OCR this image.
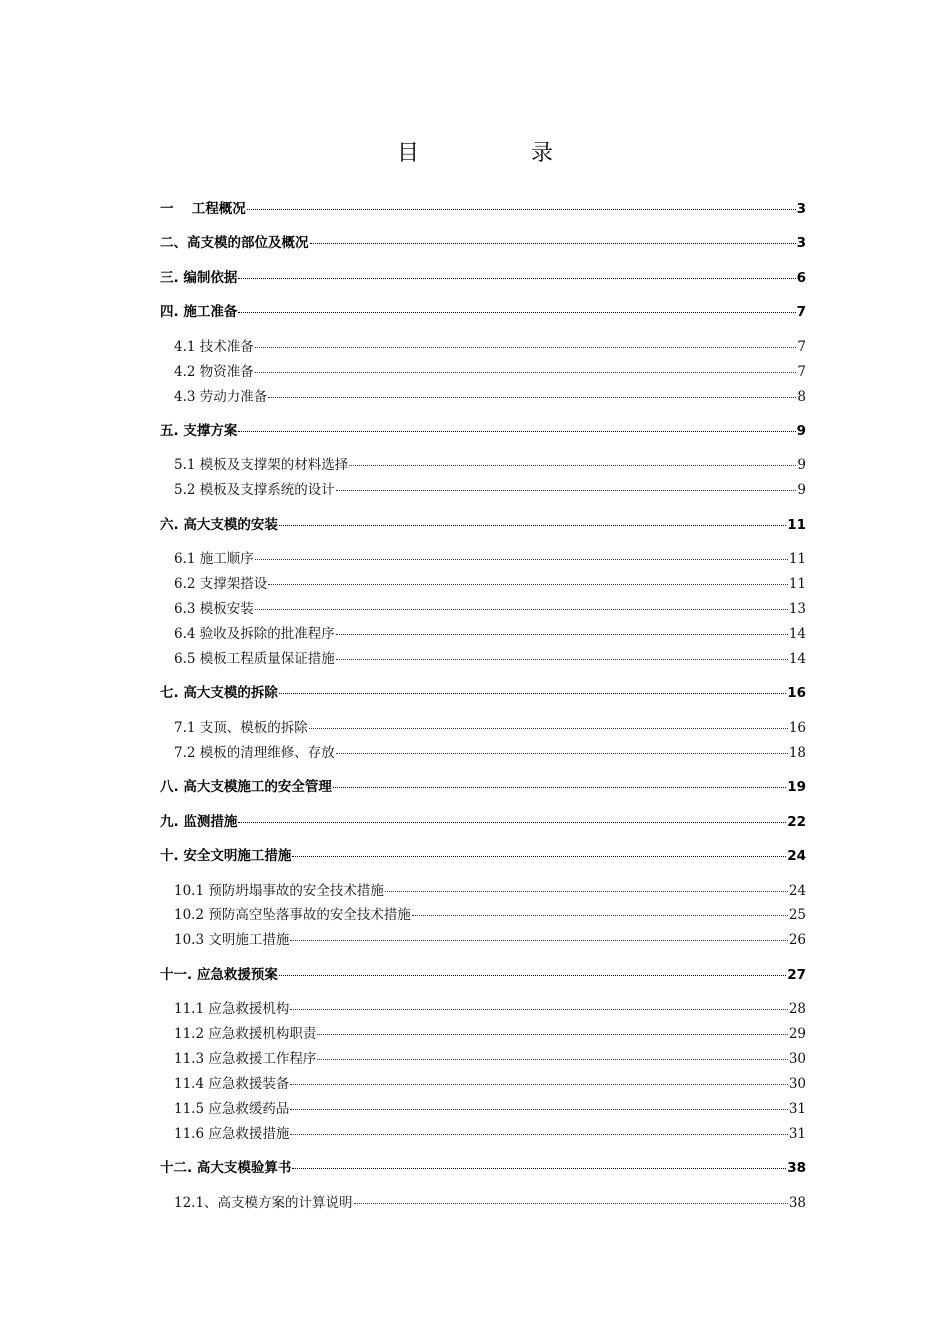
目	录
一　 工程概况	3
二、高支模的部位及概况	3
三. 编制依据	6
四. 施工准备	7
4.1 技术准备	7
4.2 物资准备	7
4.3 劳动力准备	8
五. 支撑方案	9
5.1 模板及支撑架的材料选择	9
5.2 模板及支撑系统的设计	9
六. 高大支模的安装	11
6.1 施工顺序	11
6.2 支撑架搭设	11
6.3 模板安装	13
6.4 验收及拆除的批准程序	14
6.5 模板工程质量保证措施	14
七. 高大支模的拆除	16
7.1 支顶、模板的拆除	16
7.2 模板的清理维修、存放	18
八. 高大支模施工的安全管理	19
九. 监测措施	22
十. 安全文明施工措施	24
10.1 预防坍塌事故的安全技术措施	24
10.2 预防高空坠落事故的安全技术措施	25
10.3 文明施工措施	26
十一. 应急救援预案	27
11.1 应急救援机构	28
11.2 应急救援机构职责	29
11.3 应急救援工作程序	30
11.4 应急救援装备	30
11.5 应急救缓药品	31
11.6 应急救援措施	31
十二. 高大支模验算书	38
12.1、高支模方案的计算说明	38
